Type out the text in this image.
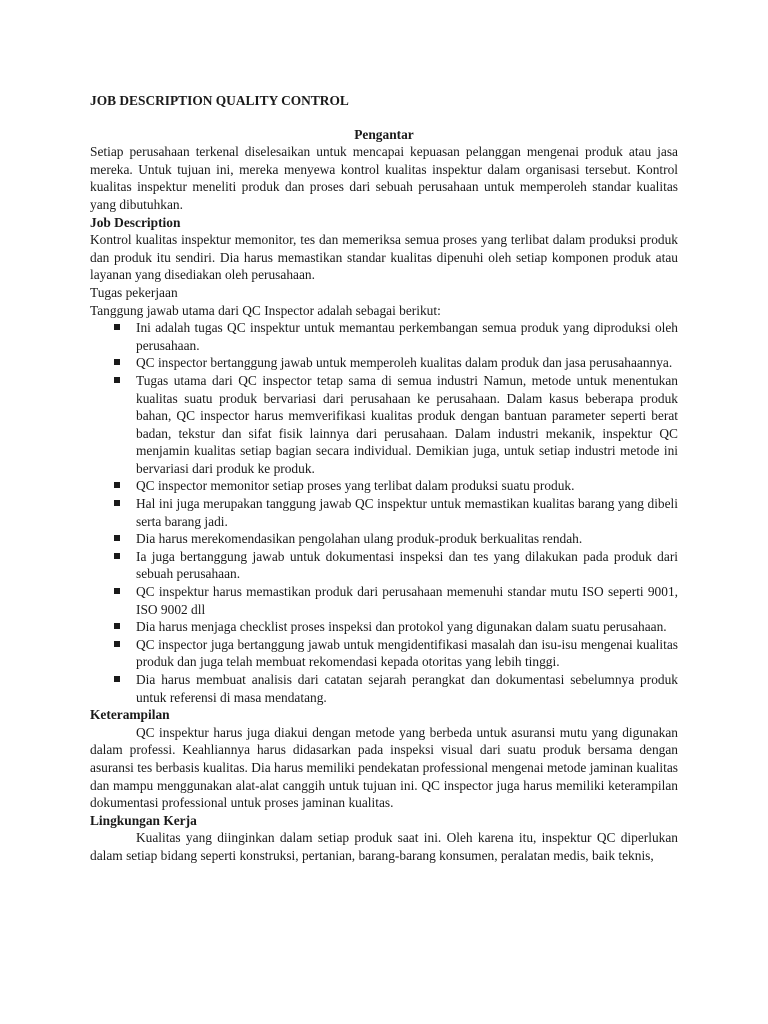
JOB DESCRIPTION QUALITY CONTROL
Pengantar

Setiap perusahaan terkenal diselesaikan untuk mencapai kepuasan pelanggan mengenai produk atau jasa mereka. Untuk tujuan ini, mereka menyewa kontrol kualitas inspektur dalam organisasi tersebut. Kontrol kualitas inspektur meneliti produk dan proses dari sebuah perusahaan untuk memperoleh standar kualitas yang dibutuhkan.

Job Description

Kontrol kualitas inspektur memonitor, tes dan memeriksa semua proses yang terlibat dalam produksi produk dan produk itu sendiri. Dia harus memastikan standar kualitas dipenuhi oleh setiap komponen produk atau layanan yang disediakan oleh perusahaan.

Tugas pekerjaan

Tanggung jawab utama dari QC Inspector adalah sebagai berikut:

Ini adalah tugas QC inspektur untuk memantau perkembangan semua produk yang diproduksi oleh perusahaan.
QC inspector bertanggung jawab untuk memperoleh kualitas dalam produk dan jasa perusahaannya.
Tugas utama dari QC inspector tetap sama di semua industri Namun, metode untuk menentukan kualitas suatu produk bervariasi dari perusahaan ke perusahaan. Dalam kasus beberapa produk bahan, QC inspector harus memverifikasi kualitas produk dengan bantuan parameter seperti berat badan, tekstur dan sifat fisik lainnya dari perusahaan. Dalam industri mekanik, inspektur QC menjamin kualitas setiap bagian secara individual. Demikian juga, untuk setiap industri metode ini bervariasi dari produk ke produk.
QC inspector memonitor setiap proses yang terlibat dalam produksi suatu produk.
Hal ini juga merupakan tanggung jawab QC inspektur untuk memastikan kualitas barang yang dibeli serta barang jadi.
Dia harus merekomendasikan pengolahan ulang produk-produk berkualitas rendah.
Ia juga bertanggung jawab untuk dokumentasi inspeksi dan tes yang dilakukan pada produk dari sebuah perusahaan.
QC inspektur harus memastikan produk dari perusahaan memenuhi standar mutu ISO seperti 9001, ISO 9002 dll
Dia harus menjaga checklist proses inspeksi dan protokol yang digunakan dalam suatu perusahaan.
QC inspector juga bertanggung jawab untuk mengidentifikasi masalah dan isu-isu mengenai kualitas produk dan juga telah membuat rekomendasi kepada otoritas yang lebih tinggi.
Dia harus membuat analisis dari catatan sejarah perangkat dan dokumentasi sebelumnya produk untuk referensi di masa mendatang.
Keterampilan

QC inspektur harus juga diakui dengan metode yang berbeda untuk asuransi mutu yang digunakan dalam professi. Keahliannya harus didasarkan pada inspeksi visual dari suatu produk bersama dengan asuransi tes berbasis kualitas. Dia harus memiliki pendekatan professional mengenai metode jaminan kualitas dan mampu menggunakan alat-alat canggih untuk tujuan ini. QC inspector juga harus memiliki keterampilan dokumentasi professional untuk proses jaminan kualitas.

Lingkungan Kerja

Kualitas yang diinginkan dalam setiap produk saat ini. Oleh karena itu, inspektur QC diperlukan dalam setiap bidang seperti konstruksi, pertanian, barang-barang konsumen, peralatan medis, baik teknis,
